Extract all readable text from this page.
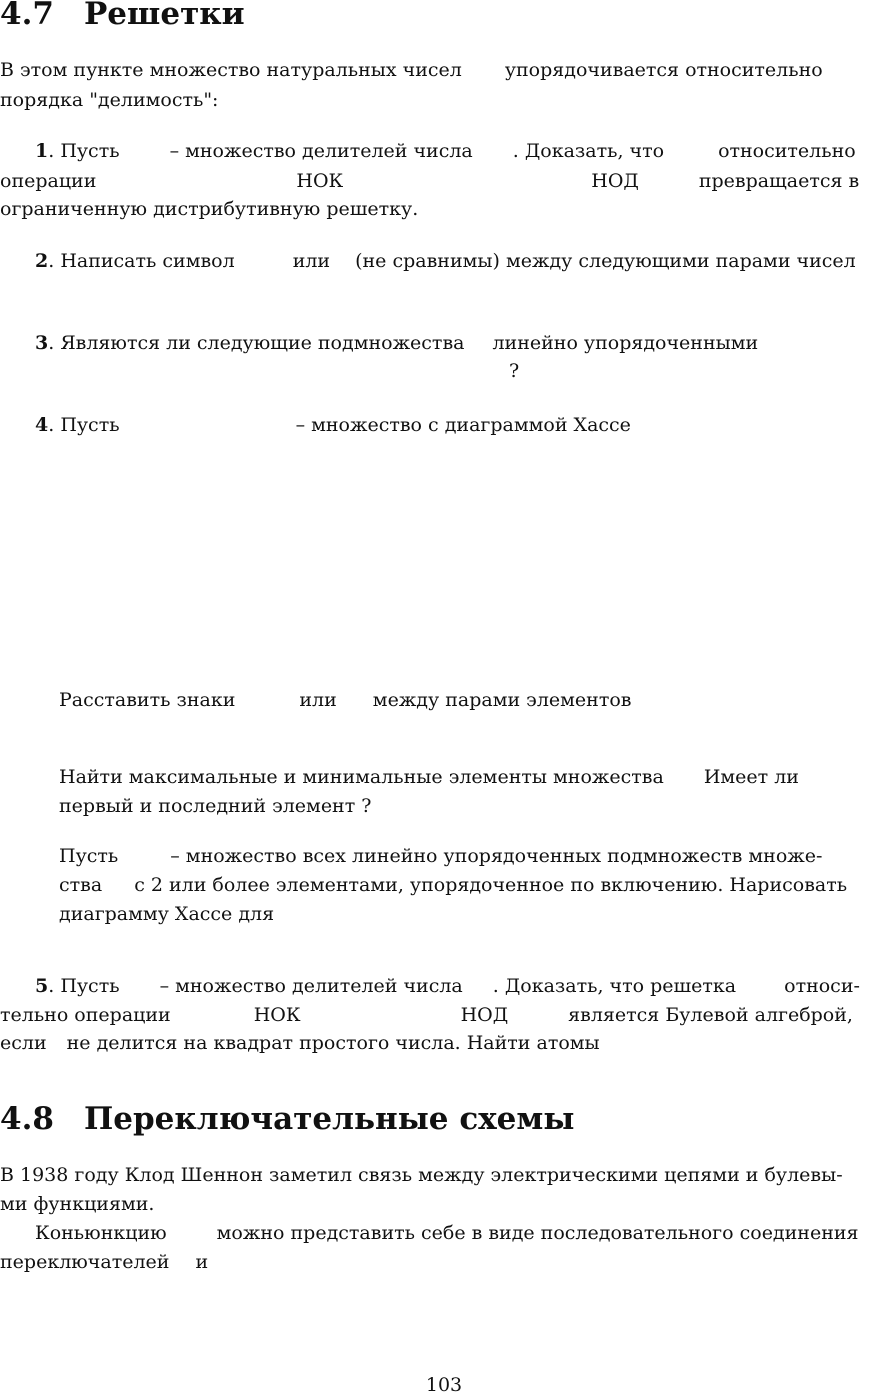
4.7 Решетки
В этом пункте множество натуральных чисел упорядочивается относительно
порядка "делимость":
1. Пусть	– множество делителей числа . Доказать, что	относительно
операции	НОК	НОД	превращается в
ограниченную дистрибутивную решетку.
2. Написать символ	или (не сравнимы) между следующими парами чисел
3. Являются ли следующие подмножества линейно упорядоченными
?
4. Пусть	– множество с диаграммой Хассе
Расставить знаки	или между парами элементов
Найти максимальные и минимальные элементы множества Имеет ли
первый и последний элемент ?
Пусть	– множество всех линейно упорядоченных подмножеств множе-
ства с 2 или более элементами, упорядоченное по включению. Нарисовать
диаграмму Хассе для
5. Пусть – множество делителей числа . Доказать, что решетка	относи-
тельно операции	НОК	НОД	является Булевой алгеброй,
если не делится на квадрат простого числа. Найти атомы
4.8 Переключательные схемы
В 1938 году Клод Шеннон заметил связь между электрическими цепями и булевы-
ми функциями.
Коньюнкцию	можно представить себе в виде последовательного соединения
переключателей и
103
